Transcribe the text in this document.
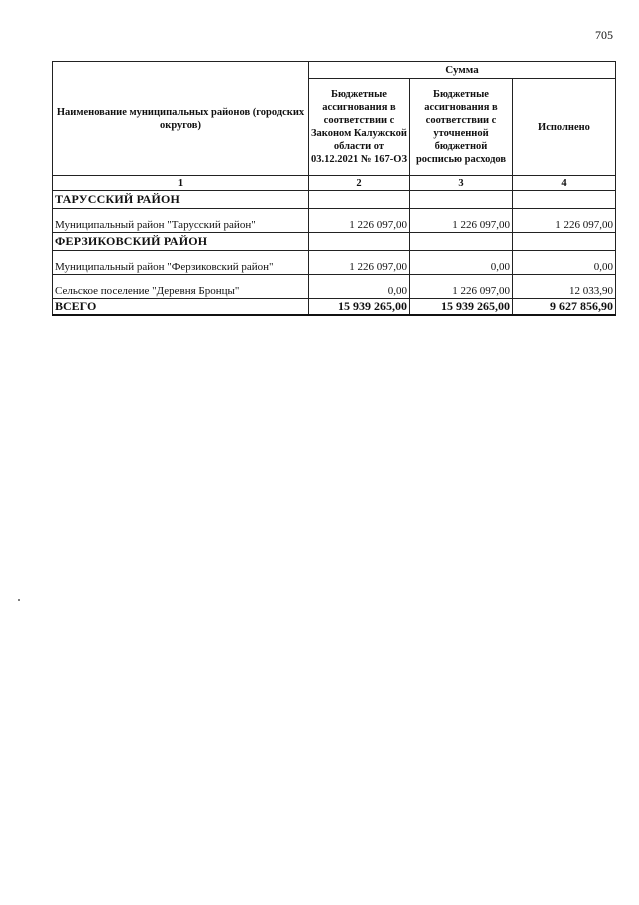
705
Наименование муниципальных районов (городских округов)	Сумма		
	Бюджетные ассигнования в соответствии с Законом Калужской области от 03.12.2021 № 167-ОЗ	Бюджетные ассигнования в соответствии с уточненной бюджетной росписью расходов	Исполнено
1	2	3	4
ТАРУССКИЙ РАЙОН			
Муниципальный район "Тарусский район"	1 226 097,00	1 226 097,00	1 226 097,00
ФЕРЗИКОВСКИЙ РАЙОН			
Муниципальный район "Ферзиковский район"	1 226 097,00	0,00	0,00
Сельское поселение "Деревня Бронцы"	0,00	1 226 097,00	12 033,90
ВСЕГО	15 939 265,00	15 939 265,00	9 627 856,90
